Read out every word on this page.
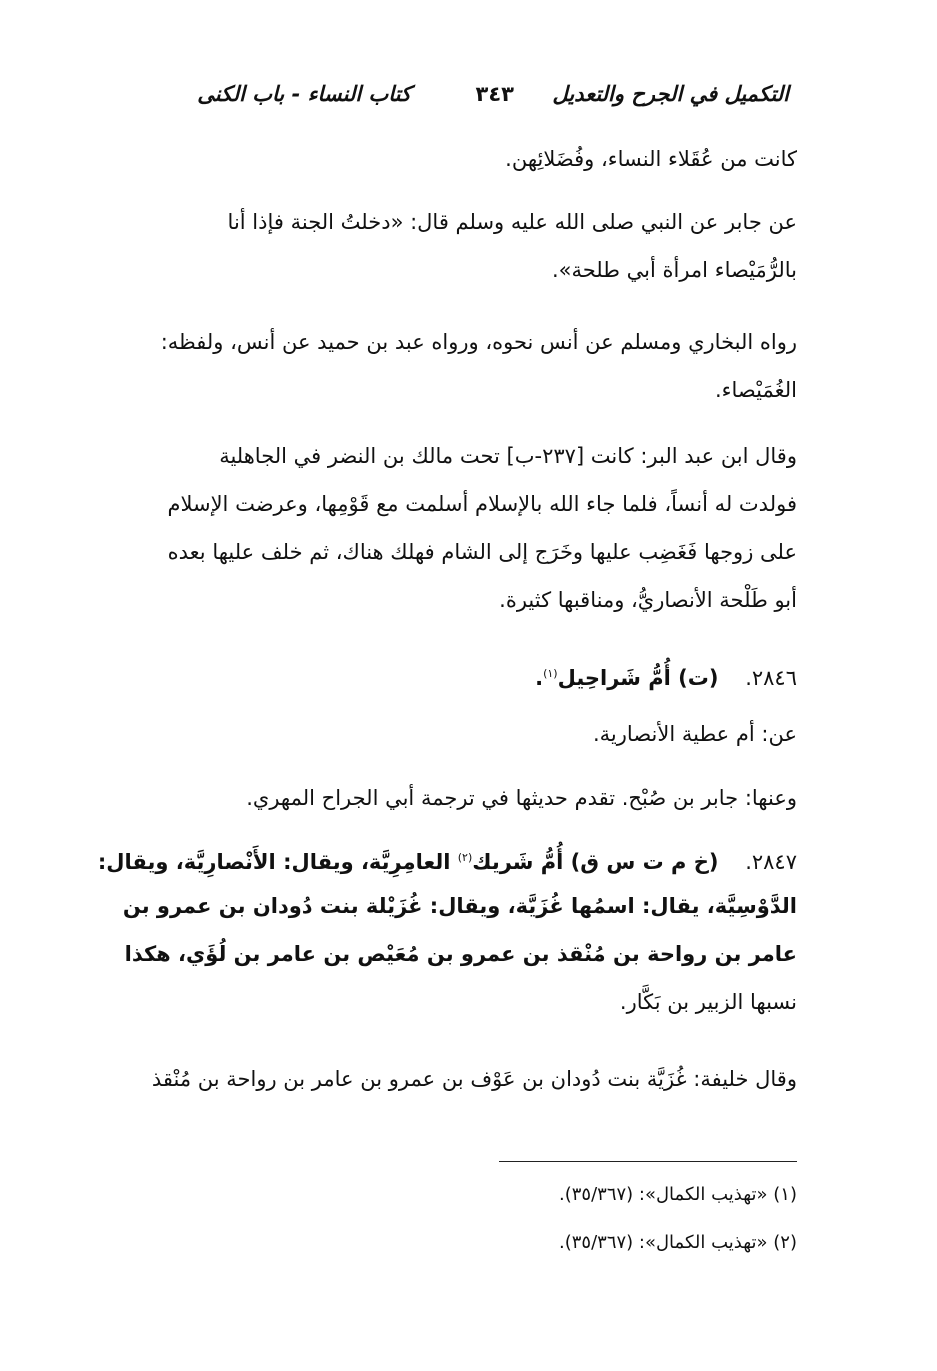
التكميل في الجرح والتعديل
٣٤٣
كتاب النساء - باب الكنى
كانت من عُقَلاء النساء، وفُضَلائِهن.
عن جابر عن النبي صلى الله عليه وسلم قال: «دخلتُ الجنة فإذا أنا
بالرُّمَيْصاء امرأة أبي طلحة».
رواه البخاري ومسلم عن أنس نحوه، ورواه عبد بن حميد عن أنس، ولفظه:
الغُمَيْصاء.
وقال ابن عبد البر: كانت [٢٣٧-ب] تحت مالك بن النضر في الجاهلية
فولدت له أنساً، فلما جاء الله بالإسلام أسلمت مع قَوْمِها، وعرضت الإسلام
على زوجها فَغَضِب عليها وخَرَج إلى الشام فهلك هناك، ثم خلف عليها بعده
أبو طَلْحة الأنصاريُّ، ومناقبها كثيرة.
٢٨٤٦.    (ت) أُمُّ شَراحِيل$^{(١)}$.
عن: أم عطية الأنصارية.
وعنها: جابر بن صُبْح. تقدم حديثها في ترجمة أبي الجراح المهري.
٢٨٤٧.    (خ م ت س ق) أُمُّ شَريك$^{(٢)}$ العامِرِيَّة، ويقال: الأَنْصارِيَّة، ويقال:
الدَّوْسِيَّة، يقال: اسمُها غُزَيَّة، ويقال: غُزَيْلة بنت دُودان بن عمرو بن
عامر بن رواحة بن مُنْقذ بن عمرو بن مُعَيْص بن عامر بن لُؤَي، هكذا
نسبها الزبير بن بَكَّار.
وقال خليفة: غُزَيَّة بنت دُودان بن عَوْف بن عمرو بن عامر بن رواحة بن مُنْقذ
(١) «تهذيب الكمال»: (٣٥/٣٦٧).
(٢) «تهذيب الكمال»: (٣٥/٣٦٧).
